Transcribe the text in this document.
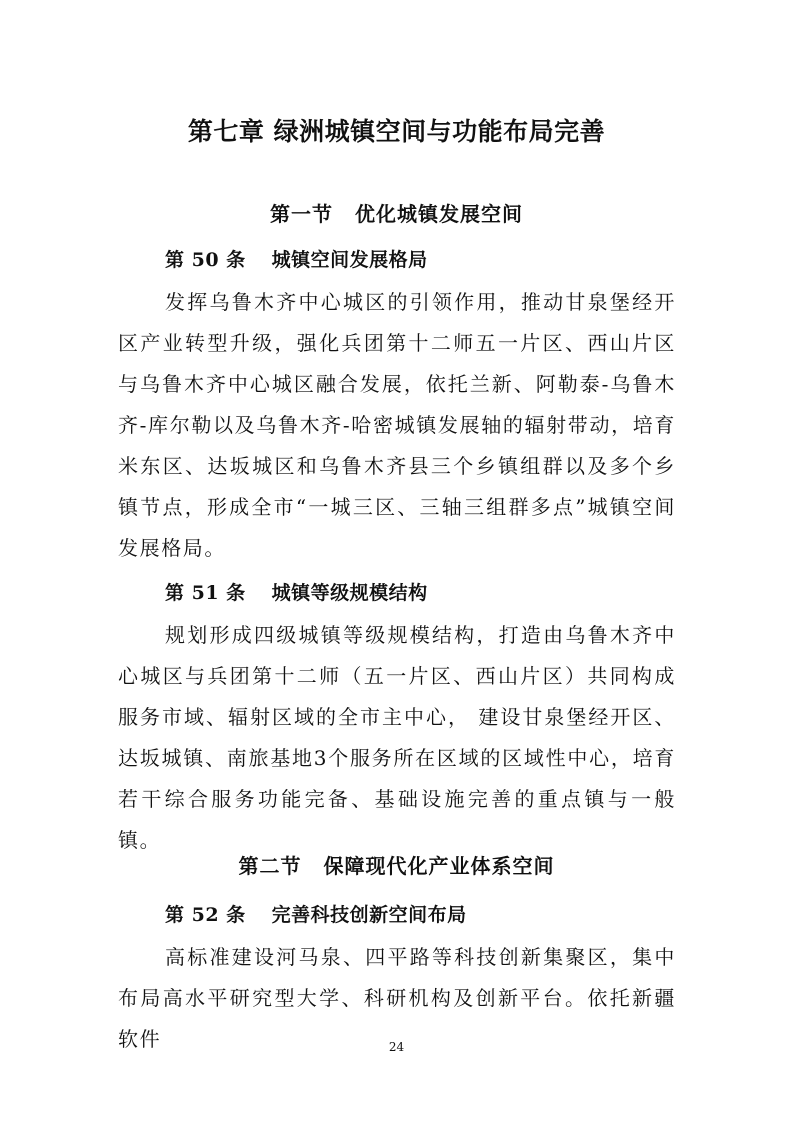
第七章 绿洲城镇空间与功能布局完善
第一节 优化城镇发展空间
第 50 条 城镇空间发展格局

发挥乌鲁木齐中心城区的引领作用，推动甘泉堡经开区产业转型升级，强化兵团第十二师五一片区、西山片区与乌鲁木齐中心城区融合发展，依托兰新、阿勒泰-乌鲁木齐-库尔勒以及乌鲁木齐-哈密城镇发展轴的辐射带动，培育米东区、达坂城区和乌鲁木齐县三个乡镇组群以及多个乡镇节点，形成全市“一城三区、三轴三组群多点”城镇空间发展格局。

第 51 条 城镇等级规模结构

规划形成四级城镇等级规模结构，打造由乌鲁木齐中心城区与兵团第十二师（五一片区、西山片区）共同构成服务市域、辐射区域的全市主中心， 建设甘泉堡经开区、达坂城镇、南旅基地3个服务所在区域的区域性中心，培育若干综合服务功能完备、基础设施完善的重点镇与一般镇。

第二节 保障现代化产业体系空间
第 52 条 完善科技创新空间布局

高标准建设河马泉、四平路等科技创新集聚区，集中布局高水平研究型大学、科研机构及创新平台。依托新疆软件	24
